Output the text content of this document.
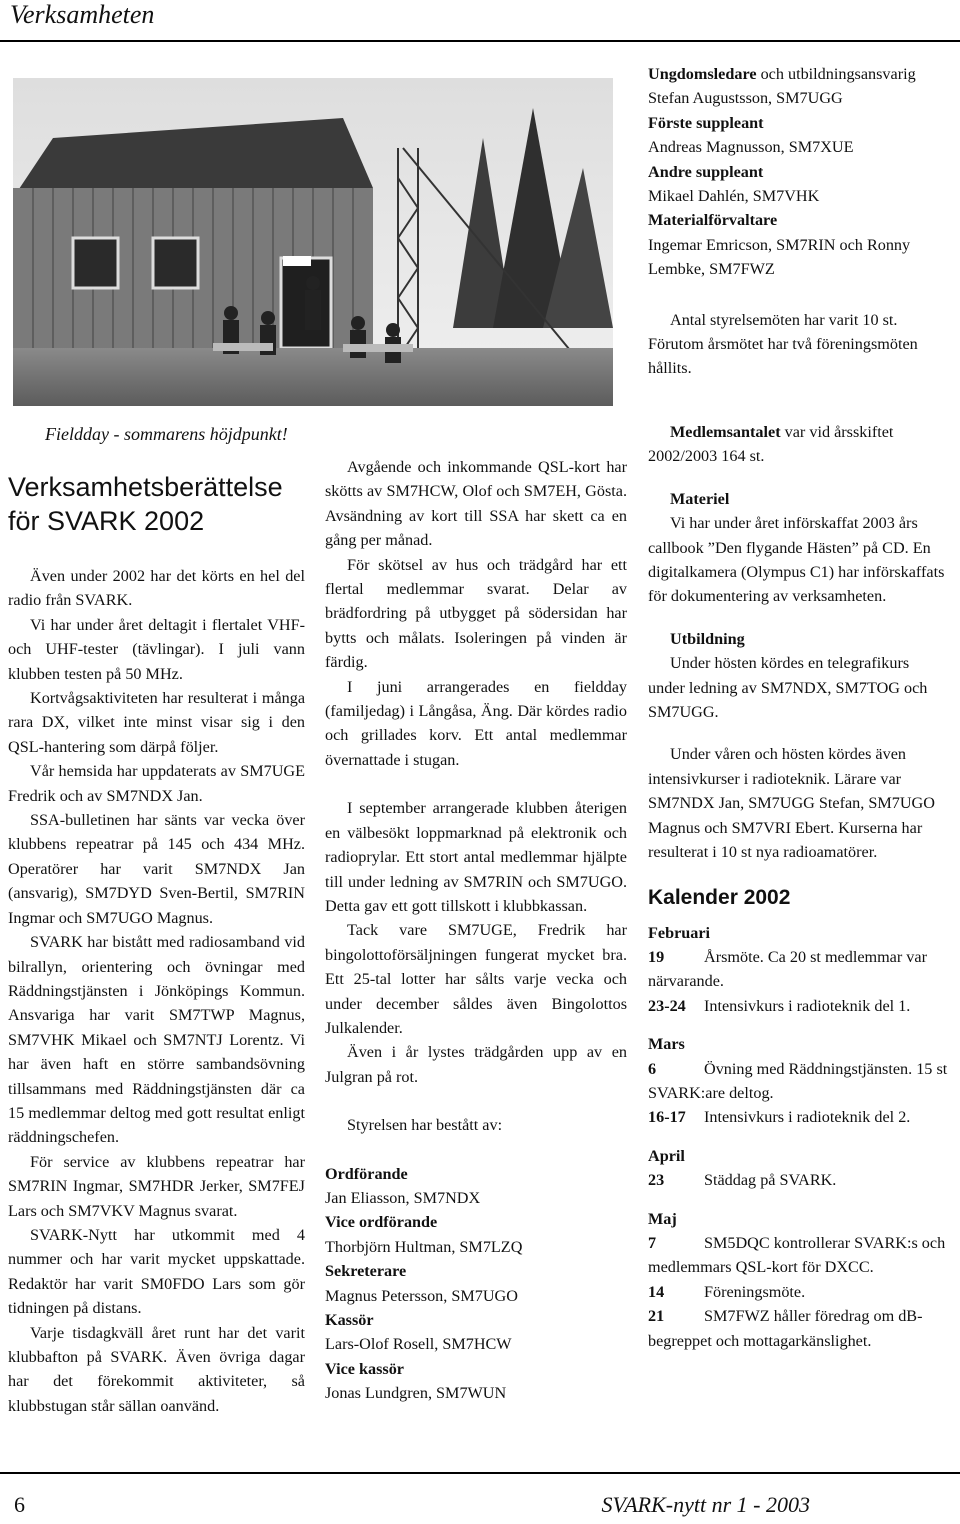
Verksamheten
Fieldday - sommarens höjdpunkt!
Verksamhetsberättelse
för SVARK 2002

Även under 2002 har det körts en hel del radio från SVARK.

Vi har under året deltagit i flertalet VHF- och UHF-tester (tävlingar). I juli vann klubben testen på 50 MHz.

Kortvågsaktiviteten har resulterat i många rara DX, vilket inte minst visar sig i den QSL-hantering som därpå följer.

Vår hemsida har uppdaterats av SM7UGE Fredrik och av SM7NDX Jan.

SSA-bulletinen har sänts var vecka över klubbens repeatrar på 145 och 434 MHz. Operatörer har varit SM7NDX Jan (ansvarig), SM7DYD Sven-Bertil, SM7RIN Ingmar och SM7UGO Magnus.

SVARK har bistått med radiosamband vid bilrallyn, orientering och övningar med Räddningstjänsten i Jönköpings Kommun. Ansvariga har varit SM7TWP Magnus, SM7VHK Mikael och SM7NTJ Lorentz. Vi har även haft en större sambandsövning tillsammans med Räddningstjänsten där ca 15 medlemmar deltog med gott resultat enligt räddningschefen.

För service av klubbens repeatrar har SM7RIN Ingmar, SM7HDR Jerker, SM7FEJ Lars och SM7VKV Magnus svarat.

SVARK-Nytt har utkommit med 4 nummer och har varit mycket uppskattade. Redaktör har varit SM0FDO Lars som gör tidningen på distans.

Varje tisdagkväll året runt har det varit klubbafton på SVARK. Även övriga dagar har det förekommit aktiviteter, så klubbstugan står sällan oanvänd.

Avgående och inkommande QSL-kort har skötts av SM7HCW, Olof och SM7EH, Gösta. Avsändning av kort till SSA har skett ca en gång per månad.

För skötsel av hus och trädgård har ett flertal medlemmar svarat. Delar av brädfordring på utbygget på södersidan har bytts och målats. Isoleringen på vinden är färdig.

I juni arrangerades en fieldday (familjedag) i Långåsa, Äng. Där kördes radio och grillades korv. Ett antal medlemmar övernattade i stugan.

I september arrangerade klubben återigen en välbesökt loppmarknad på elektronik och radioprylar. Ett stort antal medlemmar hjälpte till under ledning av SM7RIN och SM7UGO. Detta gav ett gott tillskott i klubbkassan.

Tack vare SM7UGE, Fredrik har bingolottoförsäljningen fungerat mycket bra. Ett 25-tal lotter har sålts varje vecka och under december såldes även Bingolottos Julkalender.

Även i år lystes trädgården upp av en Julgran på rot.

Styrelsen har bestått av:

Ordförande
Jan Eliasson, SM7NDX
Vice ordförande
Thorbjörn Hultman, SM7LZQ
Sekreterare
Magnus Petersson, SM7UGO
Kassör
Lars-Olof Rosell, SM7HCW
Vice kassör
Jonas Lundgren, SM7WUN
Ungdomsledare och utbildningsansvarig
Stefan Augustsson, SM7UGG
Förste suppleant
Andreas Magnusson, SM7XUE
Andre suppleant
Mikael Dahlén, SM7VHK
Materialförvaltare
Ingemar Emricson, SM7RIN och Ronny Lembke, SM7FWZ

Antal styrelsemöten har varit 10 st. Förutom årsmötet har två föreningsmöten hållits.

Medlemsantalet var vid årsskiftet 2002/2003 164 st.

Materiel

Vi har under året införskaffat 2003 års callbook ”Den flygande Hästen” på CD. En digitalkamera (Olympus C1) har införskaffats för dokumentering av verksamheten.

Utbildning

Under hösten kördes en telegrafikurs under ledning av SM7NDX, SM7TOG och SM7UGG.

Under våren och hösten kördes även intensivkurser i radioteknik. Lärare var SM7NDX Jan, SM7UGG Stefan, SM7UGO Magnus och SM7VRI Ebert. Kurserna har resulterat i 10 st nya radioamatörer.

Kalender 2002
Februari
19 Årsmöte. Ca 20 st medlemmar var närvarande.
23-24 Intensivkurs i radioteknik del 1.
Mars
6	Övning med Räddningstjänsten. 15 st SVARK:are deltog.
16-17 Intensivkurs i radioteknik del 2.
April
23 Städdag på SVARK.
Maj
7	SM5DQC kontrollerar SVARK:s och medlemmars QSL-kort för DXCC.
14 Föreningsmöte.
21 SM7FWZ håller föredrag om dB-begreppet och mottagarkänslighet.
6	SVARK-nytt nr 1 - 2003
